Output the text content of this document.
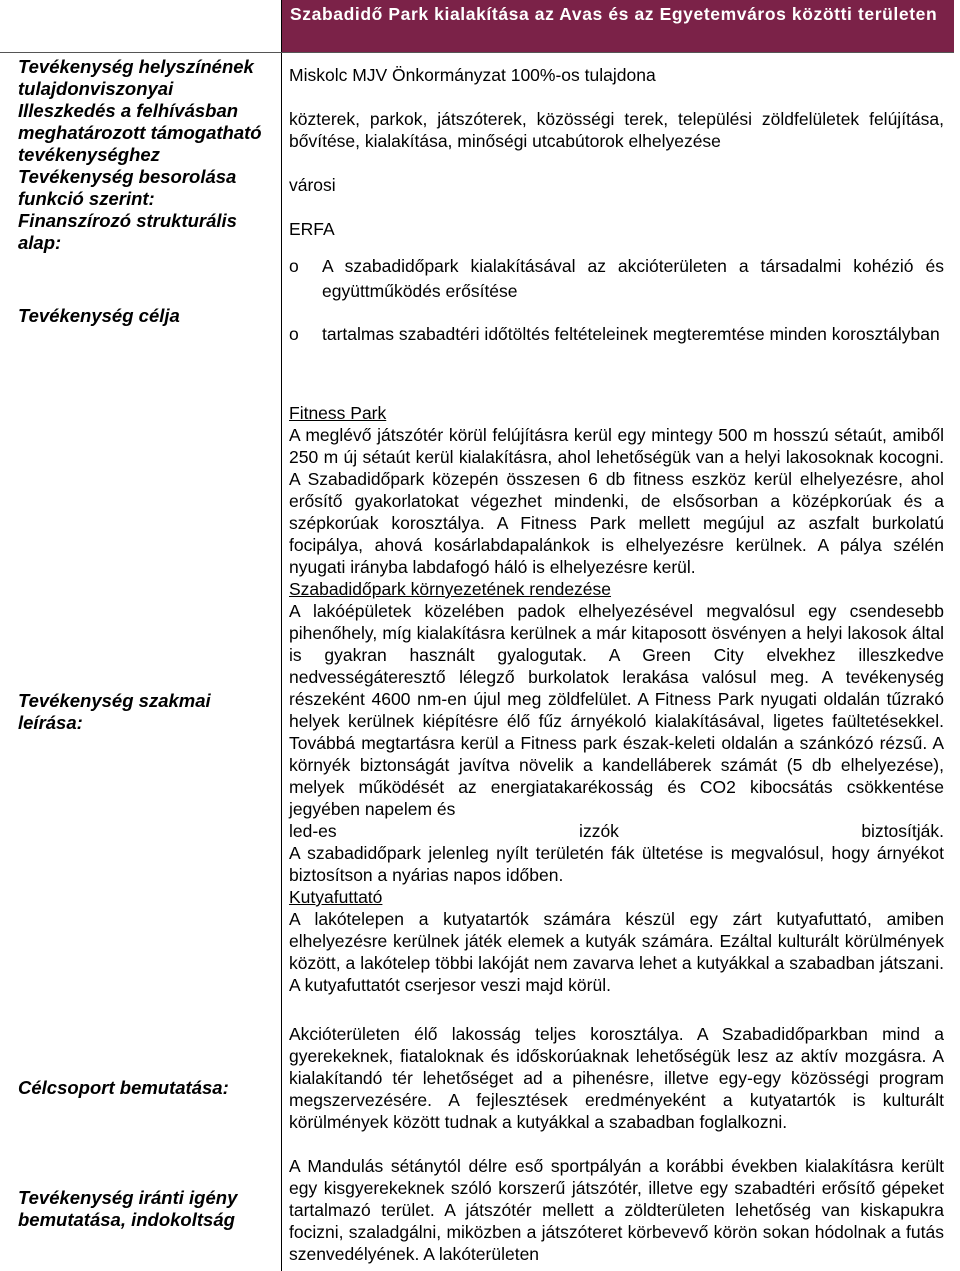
Szabadidő Park kialakítása az Avas és az Egyetemváros közötti területen

Tevékenység helyszínének tulajdonviszonyai

Illeszkedés a felhívásban meghatározott támogatható tevékenységhez

Tevékenység besorolása funkció szerint:

Finanszírozó strukturális alap:

Tevékenység célja

Tevékenység szakmai leírása:

Célcsoport bemutatása:

Tevékenység iránti igény bemutatása, indokoltság

Miskolc MJV Önkormányzat 100%-os tulajdona

közterek, parkok, játszóterek, közösségi terek, települési zöldfelületek felújítása, bővítése, kialakítása, minőségi utcabútorok elhelyezése

városi

ERFA

o A szabadidőpark kialakításával az akcióterületen a társadalmi kohézió és együttműködés erősítése
o tartalmas szabadtéri időtöltés feltételeinek megteremtése minden korosztályban
Fitness Park
A meglévő játszótér körül felújításra kerül egy mintegy 500 m hosszú sétaút, amiből 250 m új sétaút kerül kialakításra, ahol lehetőségük van a helyi lakosoknak kocogni. A Szabadidőpark közepén összesen 6 db fitness eszköz kerül elhelyezésre, ahol erősítő gyakorlatokat végezhet mindenki, de elsősorban a középkorúak és a szépkorúak korosztálya. A Fitness Park mellett megújul az aszfalt burkolatú focipálya, ahová kosárlabdapalánkok is elhelyezésre kerülnek. A pálya szélén nyugati irányba labdafogó háló is elhelyezésre kerül.
Szabadidőpark környezetének rendezése
A lakóépületek közelében padok elhelyezésével megvalósul egy csendesebb pihenőhely, míg kialakításra kerülnek a már kitaposott ösvényen a helyi lakosok által is gyakran használt gyalogutak. A Green City elvekhez illeszkedve nedvességáteresztő lélegző burkolatok lerakása valósul meg. A tevékenység részeként 4600 nm-en újul meg zöldfelület. A Fitness Park nyugati oldalán tűzrakó helyek kerülnek kiépítésre élő fűz árnyékoló kialakításával, ligetes faültetésekkel. Továbbá megtartásra kerül a Fitness park észak-keleti oldalán a szánkózó rézsű. A környék biztonságát javítva növelik a kandelláberek számát (5 db elhelyezése), melyek működését az energiatakarékosság és CO2 kibocsátás csökkentése jegyében napelem és
led-es izzók biztosítják.
A szabadidőpark jelenleg nyílt területén fák ültetése is megvalósul, hogy árnyékot biztosítson a nyárias napos időben.
Kutyafuttató
A lakótelepen a kutyatartók számára készül egy zárt kutyafuttató, amiben elhelyezésre kerülnek játék elemek a kutyák számára. Ezáltal kulturált körülmények között, a lakótelep többi lakóját nem zavarva lehet a kutyákkal a szabadban játszani. A kutyafuttatót cserjesor veszi majd körül.

Akcióterületen élő lakosság teljes korosztálya. A Szabadidőparkban mind a gyerekeknek, fiataloknak és időskorúaknak lehetőségük lesz az aktív mozgásra. A kialakítandó tér lehetőséget ad a pihenésre, illetve egy-egy közösségi program megszervezésére. A fejlesztések eredményeként a kutyatartók is kulturált körülmények között tudnak a kutyákkal a szabadban foglalkozni.

A Mandulás sétánytól délre eső sportpályán a korábbi években kialakításra került egy kisgyerekeknek szóló korszerű játszótér, illetve egy szabadtéri erősítő gépeket tartalmazó terület. A játszótér mellett a zöldterületen lehetőség van kiskapukra focizni, szaladgálni, miközben a játszóteret körbevevő körön sokan hódolnak a futás szenvedélyének. A lakóterületen
